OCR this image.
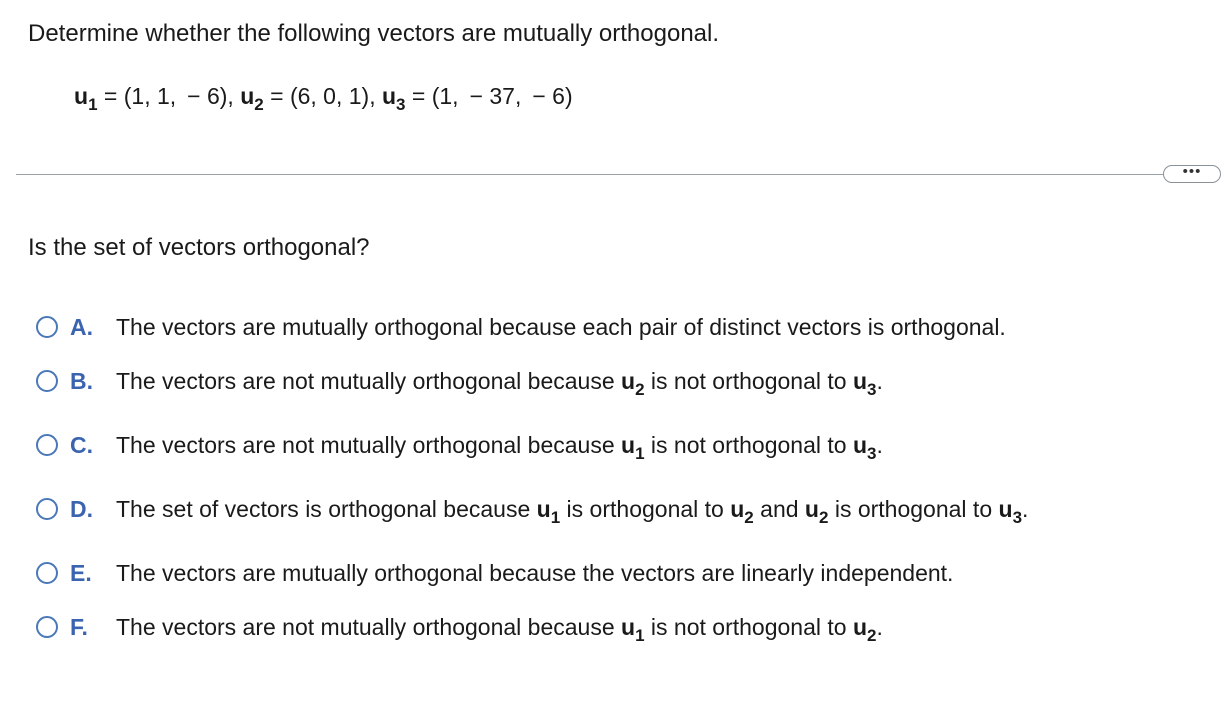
Determine whether the following vectors are mutually orthogonal.
$u_1 = (1$, 1,  − 6), $u_2 = (6$, 0, 1), $u_3 = (1$,  − 37,  − 6)
•••
Is the set of vectors orthogonal?
A.	The vectors are mutually orthogonal because each pair of distinct vectors is orthogonal.
B.	The vectors are not mutually orthogonal because $u_2$ is not orthogonal to $u_3$.
C.	The vectors are not mutually orthogonal because $u_1$ is not orthogonal to $u_3$.
D.	The set of vectors is orthogonal because $u_1$ is orthogonal to $u_2$ and $u_2$ is orthogonal to $u_3$.
E.	The vectors are mutually orthogonal because the vectors are linearly independent.
F.	The vectors are not mutually orthogonal because $u_1$ is not orthogonal to $u_2$.
